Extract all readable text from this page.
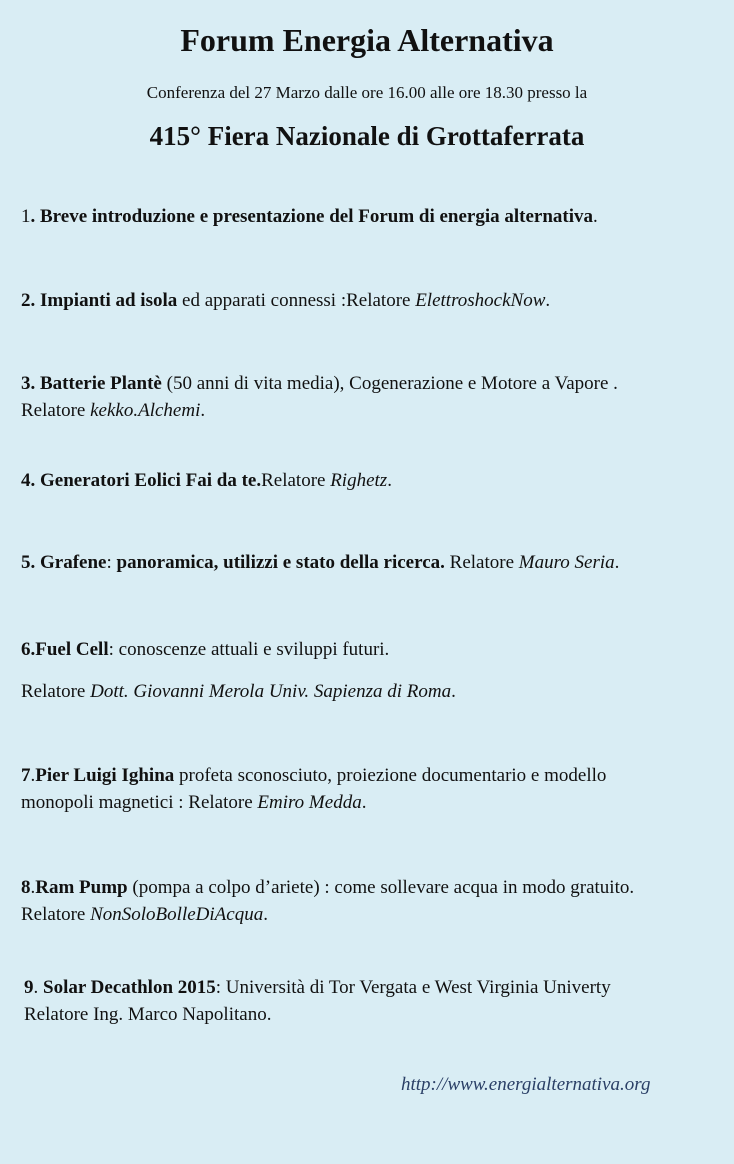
Forum Energia Alternativa
Conferenza del 27 Marzo dalle ore 16.00 alle ore 18.30 presso la
415° Fiera Nazionale di Grottaferrata
1. Breve introduzione e presentazione del Forum di energia alternativa.
2. Impianti ad isola ed apparati connessi :Relatore ElettroshockNow.
3. Batterie Plantè (50 anni di vita media), Cogenerazione e Motore a Vapore .
Relatore kekko.Alchemi.
4. Generatori Eolici Fai da te.Relatore Righetz.
5. Grafene: panoramica, utilizzi e stato della ricerca. Relatore Mauro Seria.
6.Fuel Cell: conoscenze attuali e sviluppi futuri.
Relatore Dott. Giovanni Merola Univ. Sapienza di Roma.
7.Pier Luigi Ighina profeta sconosciuto, proiezione documentario e modello
monopoli magnetici : Relatore Emiro Medda.
8.Ram Pump (pompa a colpo d’ariete) : come sollevare acqua in modo gratuito.
Relatore NonSoloBolleDiAcqua.
9. Solar Decathlon 2015: Università di Tor Vergata e West Virginia Univerty
Relatore Ing. Marco Napolitano.
http://www.energialternativa.org
